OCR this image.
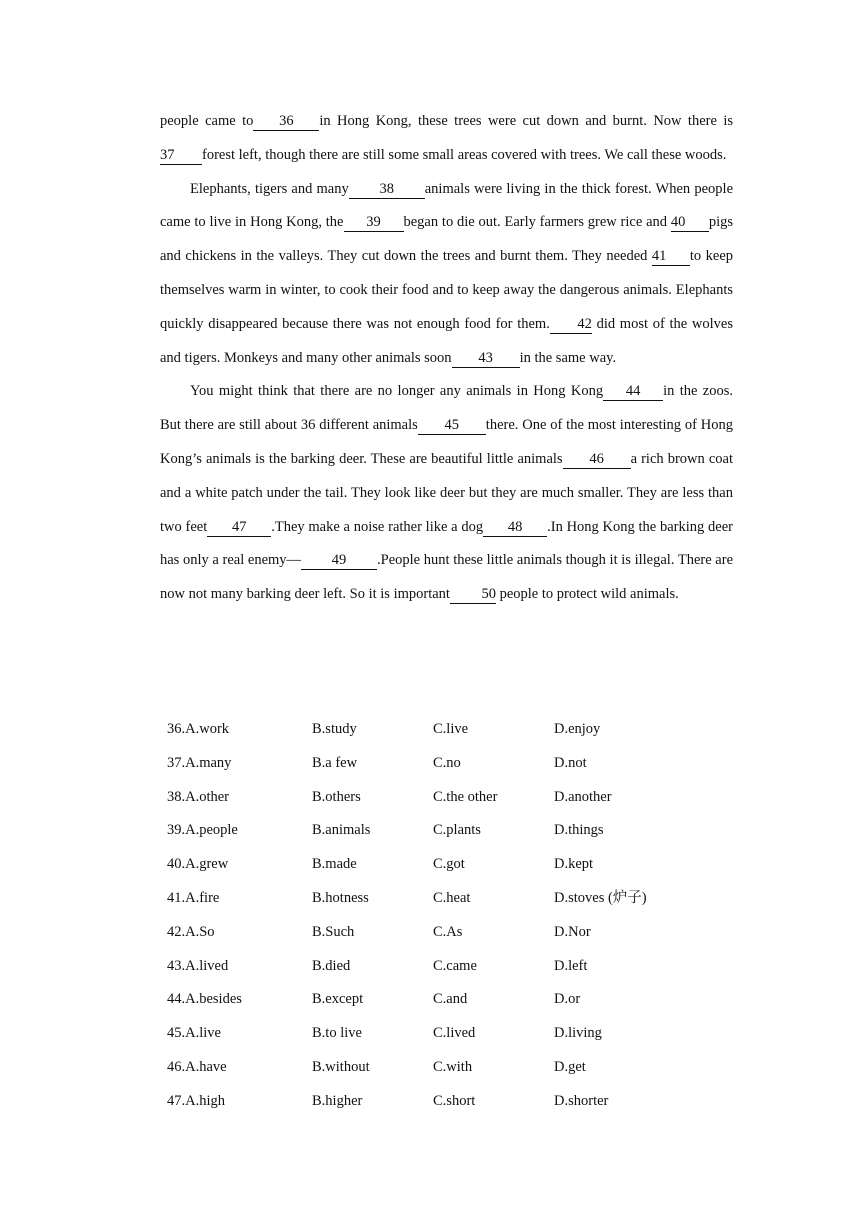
people came to 36 in Hong Kong, these trees were cut down and burnt. Now there is 37 forest left, though there are still some small areas covered with trees. We call these woods.

Elephants, tigers and many 38 animals were living in the thick forest. When people came to live in Hong Kong, the 39 began to die out. Early farmers grew rice and 40 pigs and chickens in the valleys. They cut down the trees and burnt them. They needed 41 to keep themselves warm in winter, to cook their food and to keep away the dangerous animals. Elephants quickly disappeared because there was not enough food for them. 42 did most of the wolves and tigers. Monkeys and many other animals soon 43 in the same way.

You might think that there are no longer any animals in Hong Kong 44 in the zoos. But there are still about 36 different animals 45 there. One of the most interesting of Hong Kong’s animals is the barking deer. These are beautiful little animals 46 a rich brown coat and a white patch under the tail. They look like deer but they are much smaller. They are less than two feet 47 .They make a noise rather like a dog 48 .In Hong Kong the barking deer has only a real enemy— 49 .People hunt these little animals though it is illegal. There are now not many barking deer left. So it is important 50 people to protect wild animals.

36.A.work	B.study	C.live	D.enjoy
37.A.many	B.a few	C.no	D.not
38.A.other	B.others	C.the other	D.another
39.A.people	B.animals	C.plants	D.things
40.A.grew	B.made	C.got	D.kept
41.A.fire	B.hotness	C.heat	D.stoves (炉子)
42.A.So	B.Such	C.As	D.Nor
43.A.lived	B.died	C.came	D.left
44.A.besides	B.except	C.and	D.or
45.A.live	B.to live	C.lived	D.living
46.A.have	B.without	C.with	D.get
47.A.high	B.higher	C.short	D.shorter
